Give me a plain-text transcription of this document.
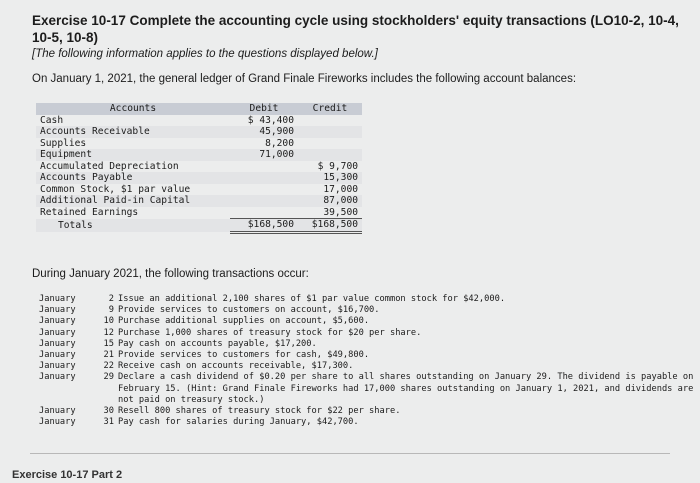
Exercise 10-17 Complete the accounting cycle using stockholders' equity transactions (LO10-2, 10-4, 10-5, 10-8)
[The following information applies to the questions displayed below.]
On January 1, 2021, the general ledger of Grand Finale Fireworks includes the following account balances:
Accounts	Debit	Credit
Cash	$ 43,400	
Accounts Receivable	45,900	
Supplies	8,200	
Equipment	71,000	
Accumulated Depreciation		$ 9,700
Accounts Payable		15,300
Common Stock, $1 par value		17,000
Additional Paid-in Capital		87,000
Retained Earnings		39,500
Totals	$168,500	$168,500
During January 2021, the following transactions occur:
January	2 Issue an additional 2,100 shares of $1 par value common stock for $42,000.
January	9 Provide services to customers on account, $16,700.
January	10 Purchase additional supplies on account, $5,600.
January	12 Purchase 1,000 shares of treasury stock for $20 per share.
January	15 Pay cash on accounts payable, $17,200.
January	21 Provide services to customers for cash, $49,800.
January	22 Receive cash on accounts receivable, $17,300.
January	29 Declare a cash dividend of $0.20 per share to all shares outstanding on January 29. The dividend is payable on February 15. (Hint: Grand Finale Fireworks had 17,000 shares outstanding on January 1, 2021, and dividends are not paid on treasury stock.)
January	30 Resell 800 shares of treasury stock for $22 per share.
January	31 Pay cash for salaries during January, $42,700.
Exercise 10-17 Part 2
